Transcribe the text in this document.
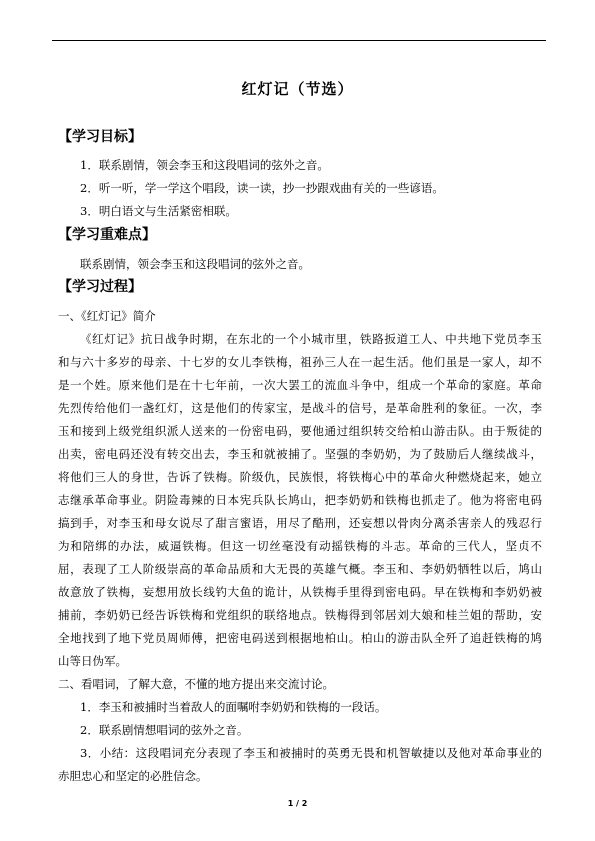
红灯记（节选）
【学习目标】
1．联系剧情，领会李玉和这段唱词的弦外之音。
2．听一听，学一学这个唱段，读一读，抄一抄跟戏曲有关的一些谚语。
3．明白语文与生活紧密相联。
【学习重难点】
联系剧情，领会李玉和这段唱词的弦外之音。
【学习过程】
一、《红灯记》简介
《红灯记》抗日战争时期，在东北的一个小城市里，铁路扳道工人、中共地下党员李玉
和与六十多岁的母亲、十七岁的女儿李铁梅，祖孙三人在一起生活。他们虽是一家人，却不
是一个姓。原来他们是在十七年前，一次大罢工的流血斗争中，组成一个革命的家庭。革命
先烈传给他们一盏红灯，这是他们的传家宝，是战斗的信号，是革命胜利的象征。一次，李
玉和接到上级党组织派人送来的一份密电码，要他通过组织转交给柏山游击队。由于叛徒的
出卖，密电码还没有转交出去，李玉和就被捕了。坚强的李奶奶，为了鼓励后人继续战斗，
将他们三人的身世，告诉了铁梅。阶级仇，民族恨，将铁梅心中的革命火种燃烧起来，她立
志继承革命事业。阴险毒辣的日本宪兵队长鸠山，把李奶奶和铁梅也抓走了。他为将密电码
搞到手，对李玉和母女说尽了甜言蜜语，用尽了酷刑，还妄想以骨肉分离杀害亲人的残忍行
为和陪绑的办法，威逼铁梅。但这一切丝毫没有动摇铁梅的斗志。革命的三代人，坚贞不
屈，表现了工人阶级崇高的革命品质和大无畏的英雄气概。李玉和、李奶奶牺牲以后，鸠山
故意放了铁梅，妄想用放长线钓大鱼的诡计，从铁梅手里得到密电码。早在铁梅和李奶奶被
捕前，李奶奶已经告诉铁梅和党组织的联络地点。铁梅得到邻居刘大娘和桂兰姐的帮助，安
全地找到了地下党员周师傅，把密电码送到根据地柏山。柏山的游击队全歼了追赶铁梅的鸠
山等日伪军。
二、看唱词，了解大意，不懂的地方提出来交流讨论。
1．李玉和被捕时当着敌人的面嘱咐李奶奶和铁梅的一段话。
2．联系剧情想唱词的弦外之音。
3．小结：这段唱词充分表现了李玉和被捕时的英勇无畏和机智敏捷以及他对革命事业的
赤胆忠心和坚定的必胜信念。
1 / 2
